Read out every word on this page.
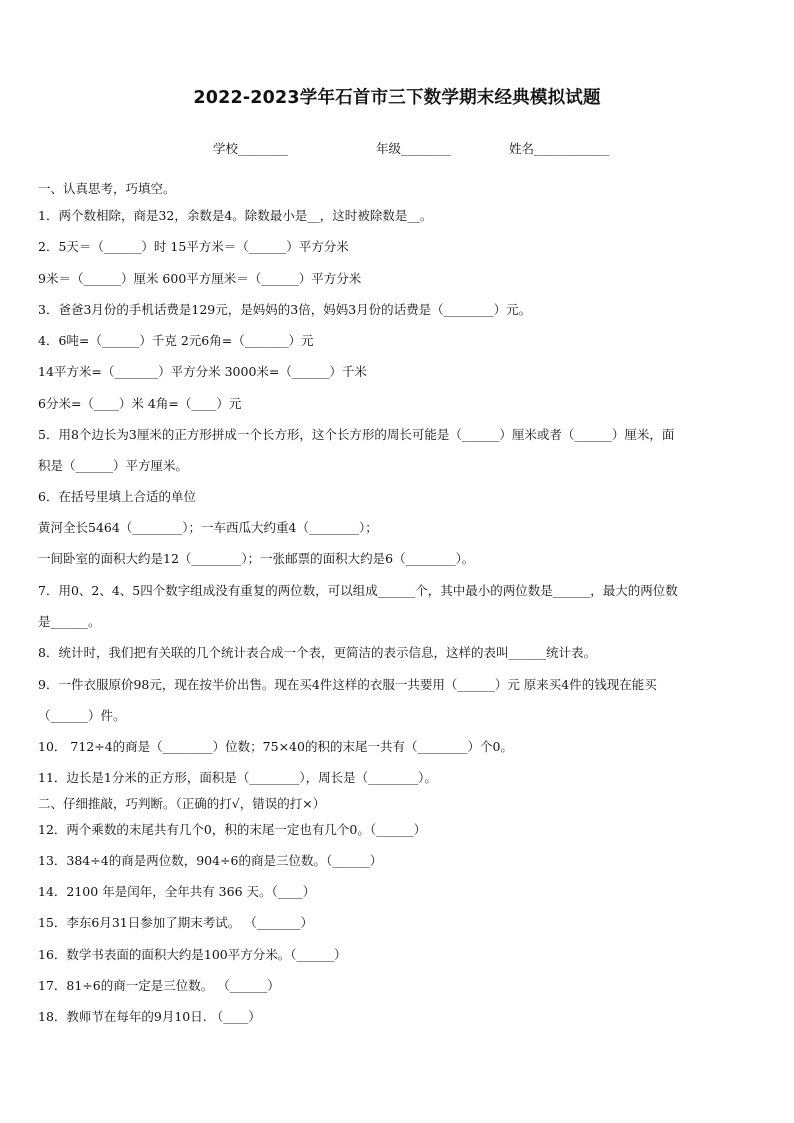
2022-2023学年石首市三下数学期末经典模拟试题
学校________	年级________	姓名____________
一、认真思考，巧填空。
1．两个数相除，商是32，余数是4。除数最小是__，这时被除数是__。
2．5天＝（______）时 15平方米＝（______）平方分米
9米＝（______）厘米 600平方厘米＝（______）平方分米
3．爸爸3月份的手机话费是129元，是妈妈的3倍，妈妈3月份的话费是（________）元。
4．6吨=（______）千克 2元6角=（_______）元
14平方米=（_______）平方分米 3000米=（______）千米
6分米=（____）米 4角=（____）元
5．用8个边长为3厘米的正方形拼成一个长方形，这个长方形的周长可能是（______）厘米或者（______）厘米，面
积是（______）平方厘米。
6．在括号里填上合适的单位
黄河全长5464（________）；一车西瓜大约重4（________）；
一间卧室的面积大约是12（________）；一张邮票的面积大约是6（________）。
7．用0、2、4、5四个数字组成没有重复的两位数，可以组成______个，其中最小的两位数是______，最大的两位数
是______。
8．统计时，我们把有关联的几个统计表合成一个表，更简洁的表示信息，这样的表叫______统计表。
9．一件衣服原价98元，现在按半价出售。现在买4件这样的衣服一共要用（______）元 原来买4件的钱现在能买
（______）件。
10． 712÷4的商是（________）位数；75×40的积的末尾一共有（________）个0。
11．边长是1分米的正方形，面积是（________），周长是（________）。
二、仔细推敲，巧判断。（正确的打√，错误的打×）
12．两个乘数的末尾共有几个0，积的末尾一定也有几个0。（______）
13．384÷4的商是两位数，904÷6的商是三位数。（______）
14．2100 年是闰年，全年共有 366 天。（____）
15．李东6月31日参加了期末考试。 （_______）
16．数学书表面的面积大约是100平方分米。（______）
17．81÷6的商一定是三位数。 （______）
18．教师节在每年的9月10日. （____）
